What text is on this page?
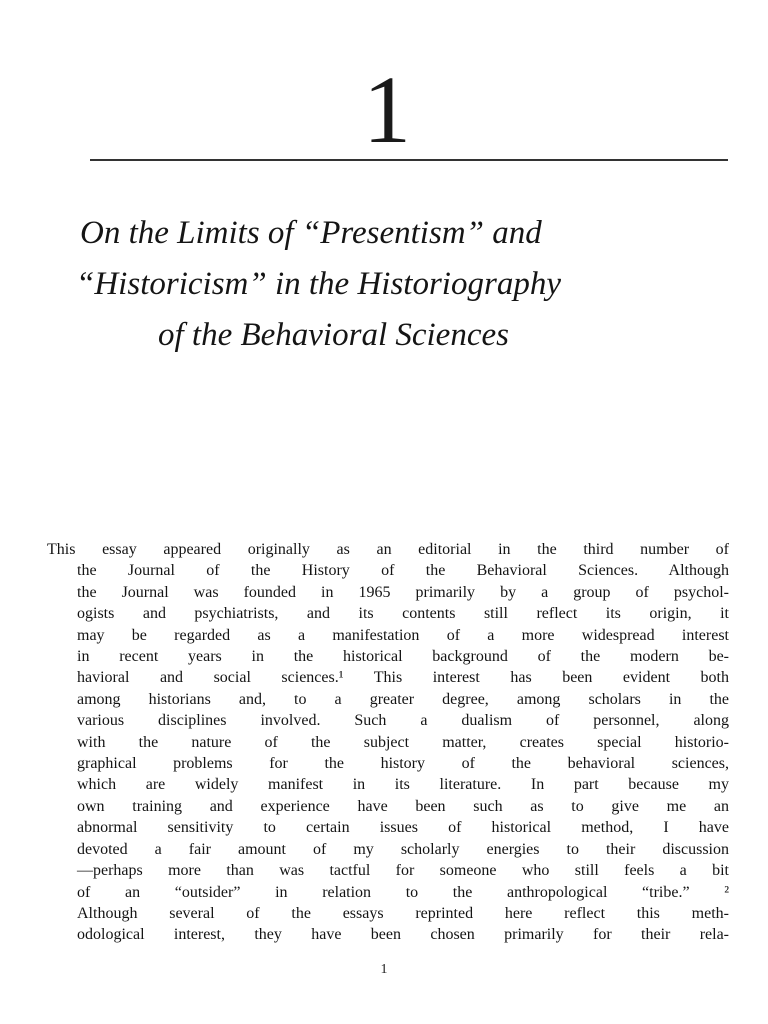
1
On the Limits of “Presentism” and
“Historicism” in the Historiography
of the Behavioral Sciences
This essay appeared originally as an editorial in the third number of
the Journal of the History of the Behavioral Sciences. Although
the Journal was founded in 1965 primarily by a group of psychol-
ogists and psychiatrists, and its contents still reflect its origin, it
may be regarded as a manifestation of a more widespread interest
in recent years in the historical background of the modern be-
havioral and social sciences.¹ This interest has been evident both
among historians and, to a greater degree, among scholars in the
various disciplines involved. Such a dualism of personnel, along
with the nature of the subject matter, creates special historio-
graphical problems for the history of the behavioral sciences,
which are widely manifest in its literature. In part because my
own training and experience have been such as to give me an
abnormal sensitivity to certain issues of historical method, I have
devoted a fair amount of my scholarly energies to their discussion
—perhaps more than was tactful for someone who still feels a bit
of an “outsider” in relation to the anthropological “tribe.” ²
Although several of the essays reprinted here reflect this meth-
odological interest, they have been chosen primarily for their rela-
1
